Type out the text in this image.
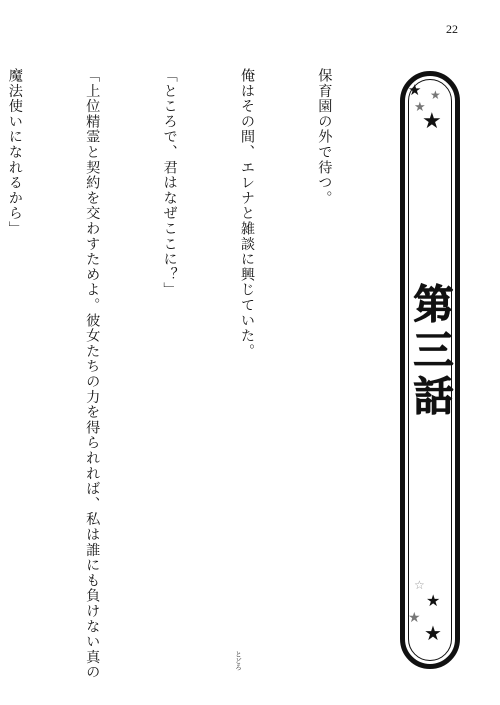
22
★ ★
★
★
第三話
☆
★
★
★

保育園の外で待つ。

俺はその間、エレナと雑談に興じていた。

「ところで、君はなぜここに？」

「上位精霊と契約を交わすためよ。彼女たちの力を得られれば、私は誰にも負けない真の

魔法使いになれるから」

とどろ
